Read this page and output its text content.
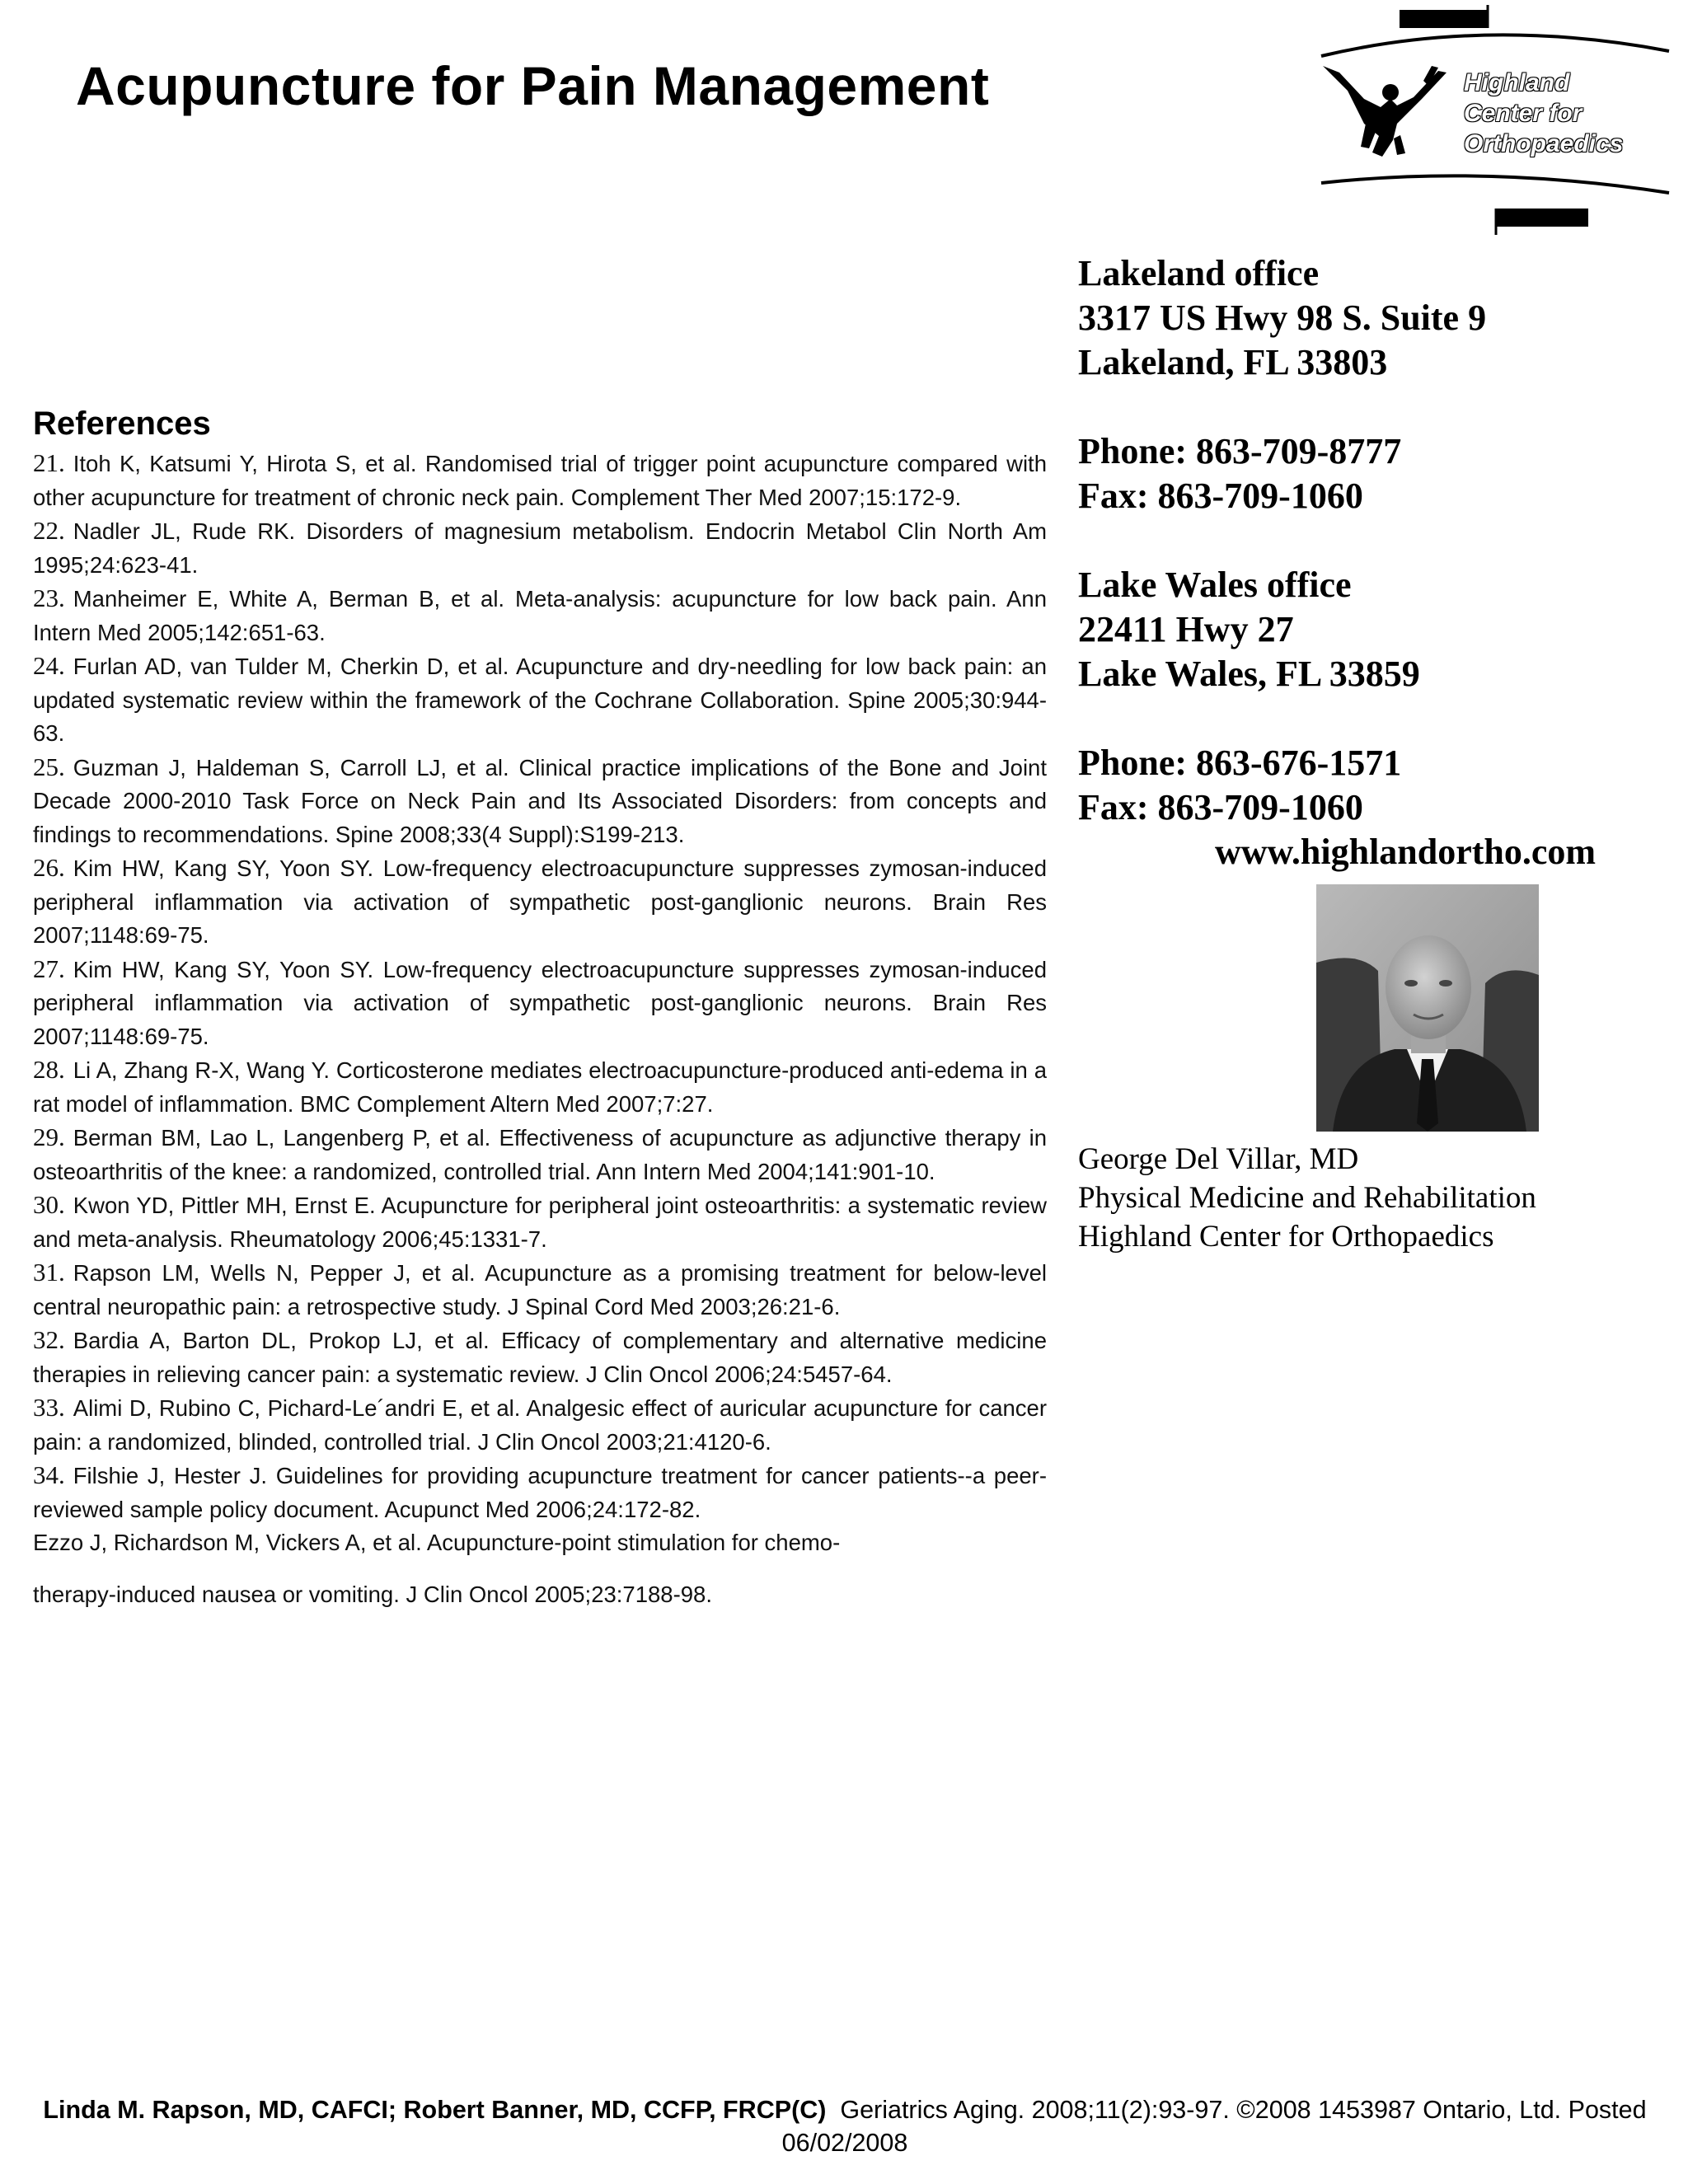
Acupuncture for Pain Management	Highland
Center for
Orthopaedics
References

21. Itoh K, Katsumi Y, Hirota S, et al. Randomised trial of trigger point acupuncture compared with other acupuncture for treatment of chronic neck pain. Complement Ther Med 2007;15:172-9.

22. Nadler JL, Rude RK. Disorders of magnesium metabolism. Endocrin Metabol Clin North Am 1995;24:623-41.

23. Manheimer E, White A, Berman B, et al. Meta-analysis: acupuncture for low back pain. Ann Intern Med 2005;142:651-63.

24. Furlan AD, van Tulder M, Cherkin D, et al. Acupuncture and dry-needling for low back pain: an updated systematic review within the framework of the Cochrane Collaboration. Spine 2005;30:944-63.

25. Guzman J, Haldeman S, Carroll LJ, et al. Clinical practice implications of the Bone and Joint Decade 2000-2010 Task Force on Neck Pain and Its Associated Disorders: from concepts and findings to recommendations. Spine 2008;33(4 Suppl):S199-213.

26. Kim HW, Kang SY, Yoon SY. Low-frequency electroacupuncture suppresses zymosan-induced peripheral inflammation via activation of sympathetic post-ganglionic neurons. Brain Res 2007;1148:69-75.

27. Kim HW, Kang SY, Yoon SY. Low-frequency electroacupuncture suppresses zymosan-induced peripheral inflammation via activation of sympathetic post-ganglionic neurons. Brain Res 2007;1148:69-75.

28. Li A, Zhang R-X, Wang Y. Corticosterone mediates electroacupuncture-produced anti-edema in a rat model of inflammation. BMC Complement Altern Med 2007;7:27.

29. Berman BM, Lao L, Langenberg P, et al. Effectiveness of acupuncture as adjunctive therapy in osteoarthritis of the knee: a randomized, controlled trial. Ann Intern Med 2004;141:901-10.

30. Kwon YD, Pittler MH, Ernst E. Acupuncture for peripheral joint osteoarthritis: a systematic review and meta-analysis. Rheumatology 2006;45:1331-7.

31. Rapson LM, Wells N, Pepper J, et al. Acupuncture as a promising treatment for below-level central neuropathic pain: a retrospective study. J Spinal Cord Med 2003;26:21-6.

32. Bardia A, Barton DL, Prokop LJ, et al. Efficacy of complementary and alternative medicine therapies in relieving cancer pain: a systematic review. J Clin Oncol 2006;24:5457-64.

33. Alimi D, Rubino C, Pichard-Le´andri E, et al. Analgesic effect of auricular acupuncture for cancer pain: a randomized, blinded, controlled trial. J Clin Oncol 2003;21:4120-6.

34. Filshie J, Hester J. Guidelines for providing acupuncture treatment for cancer patients--a peer-reviewed sample policy document. Acupunct Med 2006;24:172-82.

Ezzo J, Richardson M, Vickers A, et al. Acupuncture-point stimulation for chemo-
therapy-induced nausea or vomiting. J Clin Oncol 2005;23:7188-98.

Lakeland office

3317 US Hwy 98 S. Suite 9

Lakeland, FL 33803

Phone: 863-709-8777

Fax: 863-709-1060

Lake Wales office

22411 Hwy 27

Lake Wales, FL 33859

Phone: 863-676-1571

Fax: 863-709-1060

www.highlandortho.com

George Del Villar, MD

Physical Medicine and Rehabilitation

Highland Center for Orthopaedics

Linda M. Rapson, MD, CAFCI; Robert Banner, MD, CCFP, FRCP(C) Geriatrics Aging. 2008;11(2):93-97. ©2008 1453987 Ontario, Ltd. Posted 06/02/2008
